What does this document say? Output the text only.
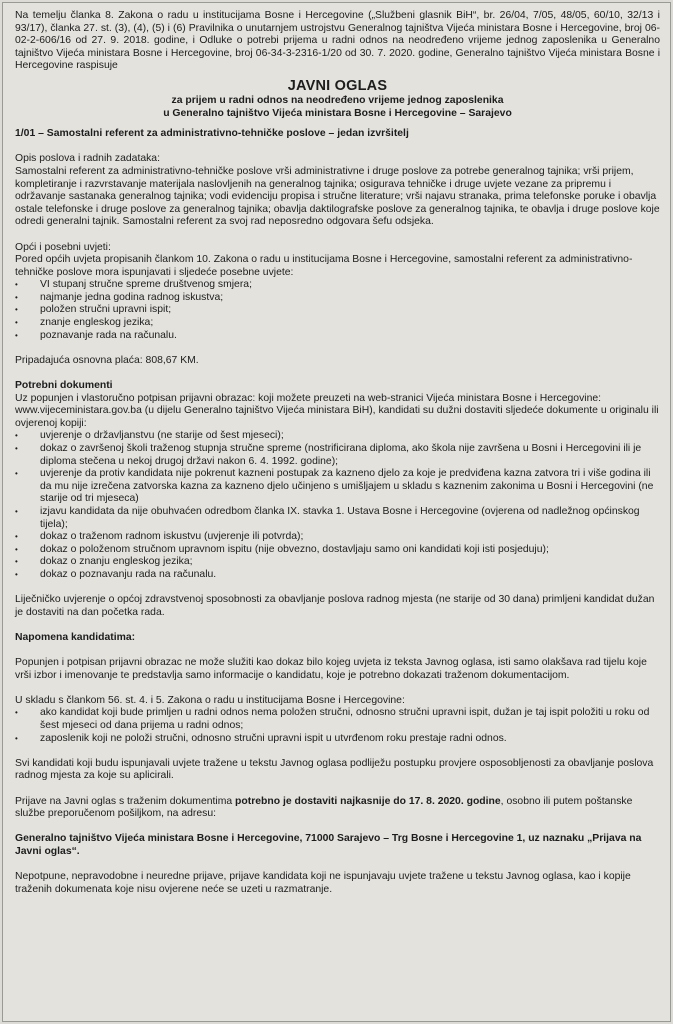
Na temelju članka 8. Zakona o radu u institucijama Bosne i Hercegovine („Službeni glasnik BiH“, br. 26/04, 7/05, 48/05, 60/10, 32/13 i 93/17), članka 27. st. (3), (4), (5) i (6) Pravilnika o unutarnjem ustrojstvu Generalnog tajništva Vijeća ministara Bosne i Hercegovine, broj 06-02-2-606/16 od 27. 9. 2018. godine, i Odluke o potrebi prijema u radni odnos na neodređeno vrijeme jednog zaposlenika u Generalno tajništvo Vijeća ministara Bosne i Hercegovine, broj 06-34-3-2316-1/20 od 30. 7. 2020. godine, Generalno tajništvo Vijeća ministara Bosne i Hercegovine raspisuje

JAVNI OGLAS
za prijem u radni odnos na neodređeno vrijeme jednog zaposlenika
u Generalno tajništvo Vijeća ministara Bosne i Hercegovine – Sarajevo

1/01 – Samostalni referent za administrativno-tehničke poslove – jedan izvršitelj

Opis poslova i radnih zadataka:

Samostalni referent za administrativno-tehničke poslove vrši administrativne i druge poslove za potrebe generalnog tajnika; vrši prijem, kompletiranje i razvrstavanje materijala naslovljenih na generalnog tajnika; osigurava tehničke i druge uvjete vezane za pripremu i održavanje sastanaka generalnog tajnika; vodi evidenciju propisa i stručne literature; vrši najavu stranaka, prima telefonske poruke i obavlja ostale telefonske i druge poslove za generalnog tajnika; obavlja daktilografske poslove za generalnog tajnika, te obavlja i druge poslove koje odredi generalni tajnik. Samostalni referent za svoj rad neposredno odgovara šefu odsjeka.

Opći i posebni uvjeti:

Pored općih uvjeta propisanih člankom 10. Zakona o radu u institucijama Bosne i Hercegovine, samostalni referent za administrativno-tehničke poslove mora ispunjavati i sljedeće posebne uvjete:

• VI stupanj stručne spreme društvenog smjera;
• najmanje jedna godina radnog iskustva;
• položen stručni upravni ispit;
• znanje engleskog jezika;
• poznavanje rada na računalu.

Pripadajuća osnovna plaća: 808,67 KM.

Potrebni dokumenti

Uz popunjen i vlastoručno potpisan prijavni obrazac: koji možete preuzeti na web-stranici Vijeća ministara Bosne i Hercegovine: www.vijeceministara.gov.ba (u dijelu Generalno tajništvo Vijeća ministara BiH), kandidati su dužni dostaviti sljedeće dokumente u originalu ili ovjerenoj kopiji:

• uvjerenje o državljanstvu (ne starije od šest mjeseci);
• dokaz o završenoj školi traženog stupnja stručne spreme (nostrificirana diploma, ako škola nije završena u Bosni i Hercegovini ili je diploma stečena u nekoj drugoj državi nakon 6. 4. 1992. godine);
• uvjerenje da protiv kandidata nije pokrenut kazneni postupak za kazneno djelo za koje je predviđena kazna zatvora tri i više godina ili da mu nije izrečena zatvorska kazna za kazneno djelo učinjeno s umišljajem u skladu s kaznenim zakonima u Bosni i Hercegovini (ne starije od tri mjeseca)
• izjavu kandidata da nije obuhvaćen odredbom članka IX. stavka 1. Ustava Bosne i Hercegovine (ovjerena od nadležnog općinskog tijela);
• dokaz o traženom radnom iskustvu (uvjerenje ili potvrda);
• dokaz o položenom stručnom upravnom ispitu (nije obvezno, dostavljaju samo oni kandidati koji isti posjeduju);
• dokaz o znanju engleskog jezika;
• dokaz o poznavanju rada na računalu.

Liječničko uvjerenje o općoj zdravstvenoj sposobnosti za obavljanje poslova radnog mjesta (ne starije od 30 dana) primljeni kandidat dužan je dostaviti na dan početka rada.

Napomena kandidatima:

Popunjen i potpisan prijavni obrazac ne može služiti kao dokaz bilo kojeg uvjeta iz teksta Javnog oglasa, isti samo olakšava rad tijelu koje vrši izbor i imenovanje te predstavlja samo informacije o kandidatu, koje je potrebno dokazati traženom dokumentacijom.

U skladu s člankom 56. st. 4. i 5. Zakona o radu u institucijama Bosne i Hercegovine:

• ako kandidat koji bude primljen u radni odnos nema položen stručni, odnosno stručni upravni ispit, dužan je taj ispit položiti u roku od šest mjeseci od dana prijema u radni odnos;
• zaposlenik koji ne položi stručni, odnosno stručni upravni ispit u utvrđenom roku prestaje radni odnos.

Svi kandidati koji budu ispunjavali uvjete tražene u tekstu Javnog oglasa podliježu postupku provjere osposobljenosti za obavljanje poslova radnog mjesta za koje su aplicirali.

Prijave na Javni oglas s traženim dokumentima potrebno je dostaviti najkasnije do 17. 8. 2020. godine, osobno ili putem poštanske službe preporučenom pošiljkom, na adresu:

Generalno tajništvo Vijeća ministara Bosne i Hercegovine, 71000 Sarajevo – Trg Bosne i Hercegovine 1, uz naznaku „Prijava na Javni oglas“.

Nepotpune, nepravodobne i neuredne prijave, prijave kandidata koji ne ispunjavaju uvjete tražene u tekstu Javnog oglasa, kao i kopije traženih dokumenata koje nisu ovjerene neće se uzeti u razmatranje.
